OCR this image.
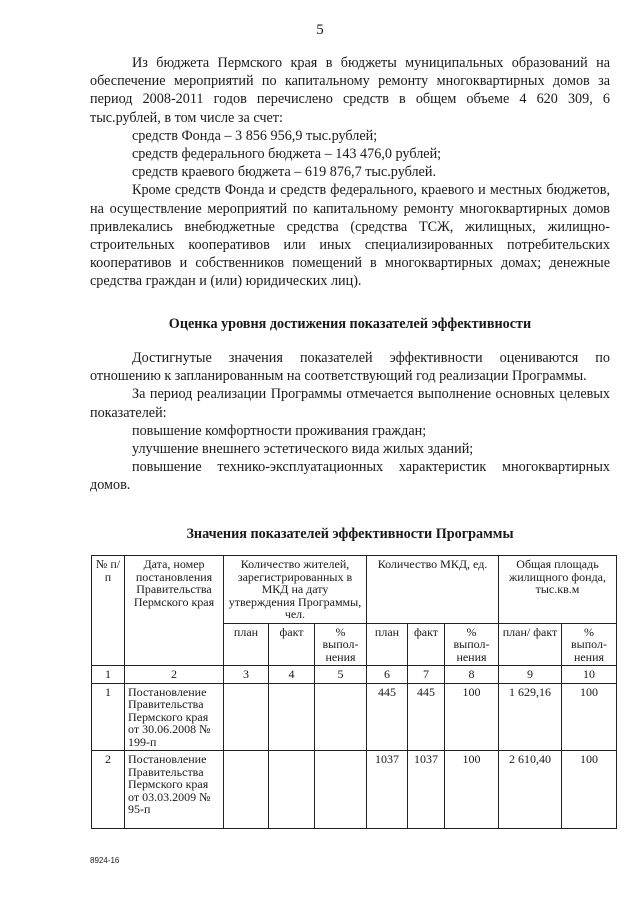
5

Из бюджета Пермского края в бюджеты муниципальных образований на обеспечение мероприятий по капитальному ремонту многоквартирных домов за период 2008-2011 годов перечислено средств в общем объеме 4 620 309, 6 тыс.рублей, в том числе за счет:

средств Фонда – 3 856 956,9 тыс.рублей;

средств федерального бюджета – 143 476,0 рублей;

средств краевого бюджета – 619 876,7 тыс.рублей.

Кроме средств Фонда и средств федерального, краевого и местных бюджетов, на осуществление мероприятий по капитальному ремонту многоквартирных домов привлекались внебюджетные средства (средства ТСЖ, жилищных, жилищно-строительных кооперативов или иных специализированных потребительских кооперативов и собственников помещений в многоквартирных домах; денежные средства граждан и (или) юридических лиц).

Оценка уровня достижения показателей эффективности

Достигнутые значения показателей эффективности оцениваются по отношению к запланированным на соответствующий год реализации Программы.

За период реализации Программы отмечается выполнение основных целевых показателей:

повышение комфортности проживания граждан;

улучшение внешнего эстетического вида жилых зданий;

повышение технико-эксплуатационных характеристик многоквартирных домов.

Значения показателей эффективности Программы
№ п/п	Дата, номер постановления Правительства Пермского края	Количество жителей, зарегистрированных в МКД на дату утверждения Программы, чел.			Количество МКД, ед.			Общая площадь жилищного фонда, тыс.кв.м	
		план	факт	% выпол-нения	план	факт	% выпол-нения	план/ факт	% выпол-нения
1	2	3	4	5	6	7	8	9	10
1	Постановление Правительства Пермского края от 30.06.2008 № 199-п				445	445	100	1 629,16	100
2	Постановление Правительства Пермского края от 03.03.2009 № 95-п				1037	1037	100	2 610,40	100
8924-16
